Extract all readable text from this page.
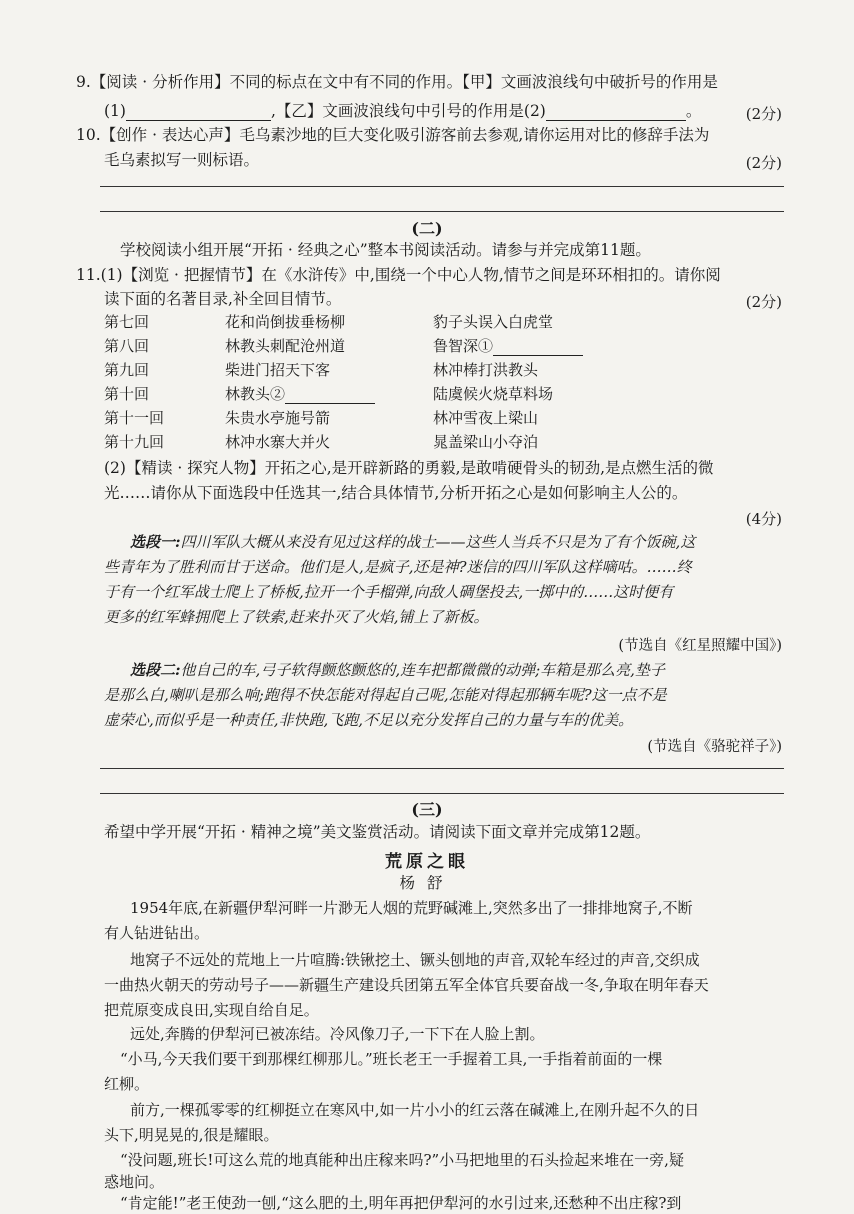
9.【阅读 · 分析作用】不同的标点在文中有不同的作用。【甲】文画波浪线句中破折号的作用是
(1)	,【乙】文画波浪线句中引号的作用是(2)	。	(2分)
10.【创作 · 表达心声】毛乌素沙地的巨大变化吸引游客前去参观,请你运用对比的修辞手法为
毛乌素拟写一则标语。	(2分)
(二)
学校阅读小组开展“开拓 · 经典之心”整本书阅读活动。请参与并完成第11题。
11.(1)【浏览 · 把握情节】在《水浒传》中,围绕一个中心人物,情节之间是环环相扣的。请你阅
读下面的名著目录,补全回目情节。	(2分)
第七回	花和尚倒拔垂杨柳	豹子头误入白虎堂
第八回	林教头刺配沧州道	鲁智深①
第九回	柴进门招天下客	林冲棒打洪教头
第十回	林教头②	陆虞候火烧草料场
第十一回	朱贵水亭施号箭	林冲雪夜上梁山
第十九回	林冲水寨大并火	晁盖梁山小夺泊
(2)【精读 · 探究人物】开拓之心,是开辟新路的勇毅,是敢啃硬骨头的韧劲,是点燃生活的微
光……请你从下面选段中任选其一,结合具体情节,分析开拓之心是如何影响主人公的。
(4分)
选段一:四川军队大概从来没有见过这样的战士——这些人当兵不只是为了有个饭碗,这
些青年为了胜利而甘于送命。他们是人,是疯子,还是神?迷信的四川军队这样嘀咕。……终
于有一个红军战士爬上了桥板,拉开一个手榴弹,向敌人碉堡投去,一掷中的……这时便有
更多的红军蜂拥爬上了铁索,赶来扑灭了火焰,铺上了新板。
(节选自《红星照耀中国》)
选段二:他自己的车,弓子软得颤悠颤悠的,连车把都微微的动弹;车箱是那么亮,垫子
是那么白,喇叭是那么响;跑得不快怎能对得起自己呢,怎能对得起那辆车呢?这一点不是
虚荣心,而似乎是一种责任,非快跑,飞跑,不足以充分发挥自己的力量与车的优美。
(节选自《骆驼祥子》)
(三)
希望中学开展“开拓 · 精神之境”美文鉴赏活动。请阅读下面文章并完成第12题。
荒原之眼
杨舒
1954年底,在新疆伊犁河畔一片渺无人烟的荒野碱滩上,突然多出了一排排地窝子,不断
有人钻进钻出。
地窝子不远处的荒地上一片喧腾:铁锹挖土、镢头刨地的声音,双轮车经过的声音,交织成
一曲热火朝天的劳动号子——新疆生产建设兵团第五军全体官兵要奋战一冬,争取在明年春天
把荒原变成良田,实现自给自足。
远处,奔腾的伊犁河已被冻结。冷风像刀子,一下下在人脸上割。
“小马,今天我们要干到那棵红柳那儿。”班长老王一手握着工具,一手指着前面的一棵
红柳。
前方,一棵孤零零的红柳挺立在寒风中,如一片小小的红云落在碱滩上,在刚升起不久的日
头下,明晃晃的,很是耀眼。
“没问题,班长!可这么荒的地真能种出庄稼来吗?”小马把地里的石头捡起来堆在一旁,疑
惑地问。
“肯定能!”老王使劲一刨,“这么肥的土,明年再把伊犁河的水引过来,还愁种不出庄稼?到
